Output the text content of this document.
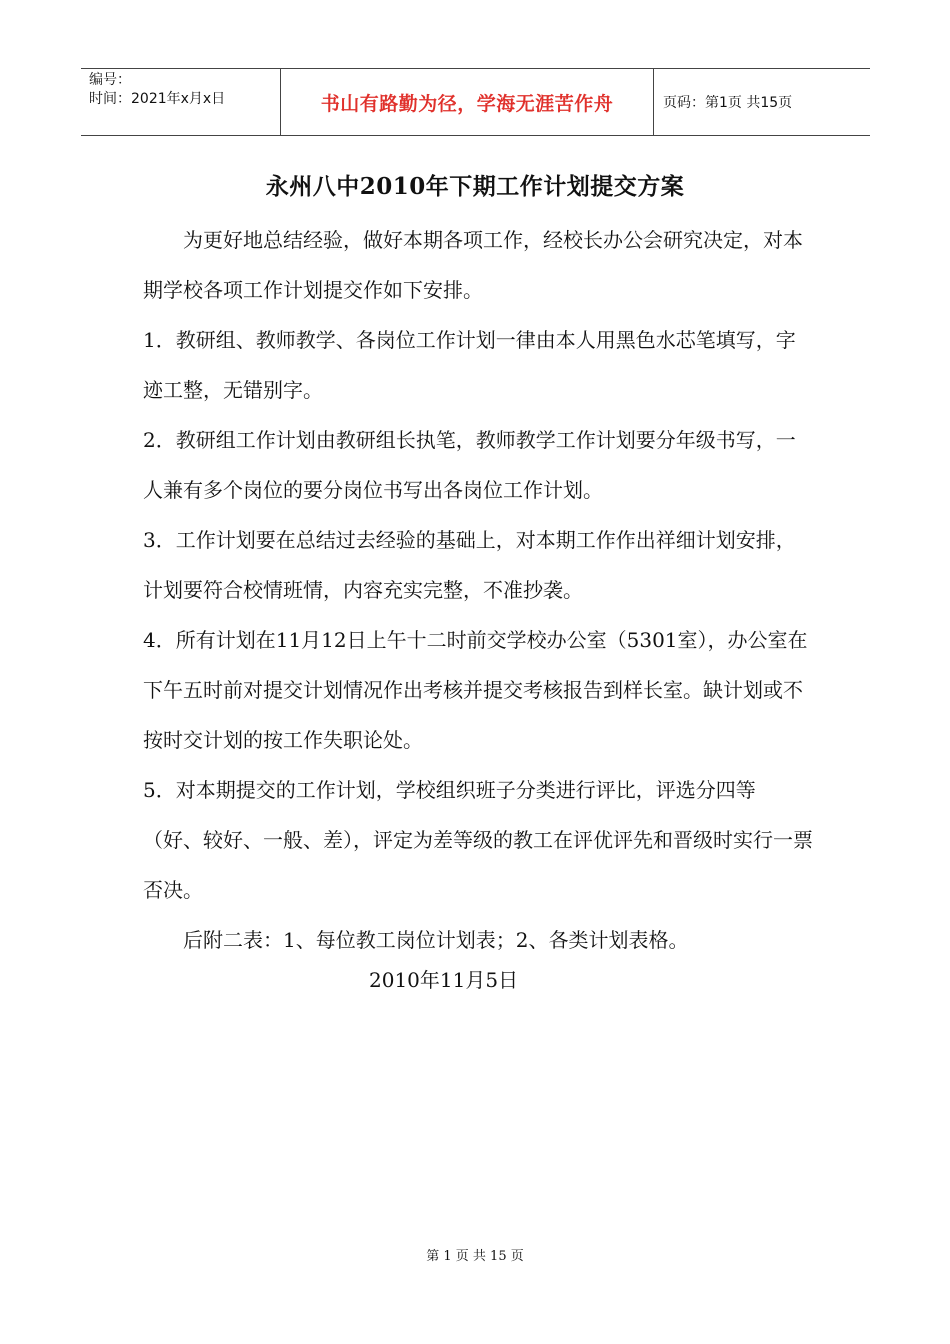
编号：
时间：2021年x月x日	书山有路勤为径，学海无涯苦作舟	页码：第1页 共15页
永州八中2010年下期工作计划提交方案

为更好地总结经验，做好本期各项工作，经校长办公会研究决定，对本期学校各项工作计划提交作如下安排。

1．教研组、教师教学、各岗位工作计划一律由本人用黑色水芯笔填写，字迹工整，无错别字。

2．教研组工作计划由教研组长执笔，教师教学工作计划要分年级书写，一人兼有多个岗位的要分岗位书写出各岗位工作计划。

3．工作计划要在总结过去经验的基础上，对本期工作作出祥细计划安排，计划要符合校情班情，内容充实完整，不准抄袭。

4．所有计划在11月12日上午十二时前交学校办公室（5301室），办公室在下午五时前对提交计划情况作出考核并提交考核报告到样长室。缺计划或不按时交计划的按工作失职论处。

5．对本期提交的工作计划，学校组织班子分类进行评比，评选分四等（好、较好、一般、差），评定为差等级的教工在评优评先和晋级时实行一票否决。

后附二表：1、每位教工岗位计划表；2、各类计划表格。

2010年11月5日
第 1 页 共 15 页
